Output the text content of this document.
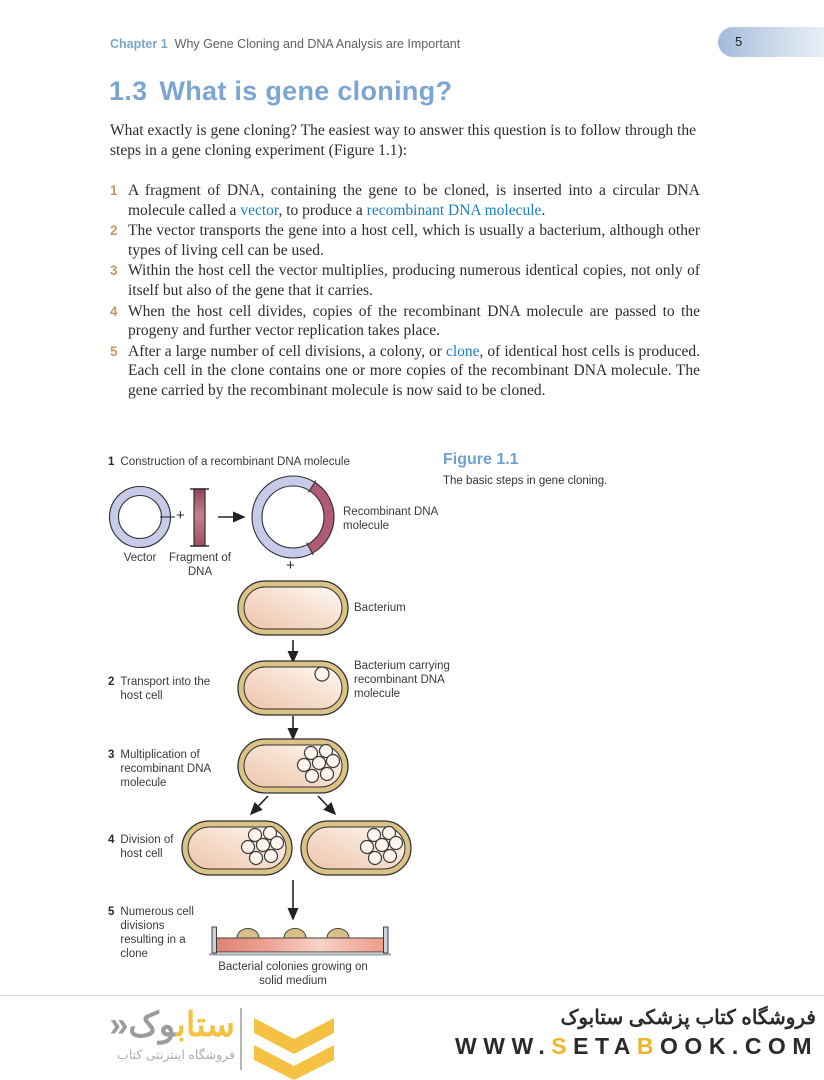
Chapter 1 Why Gene Cloning and DNA Analysis are Important	5
1.3 What is gene cloning?

What exactly is gene cloning? The easiest way to answer this question is to follow through the steps in a gene cloning experiment (Figure 1.1):

1 A fragment of DNA, containing the gene to be cloned, is inserted into a circular DNA molecule called a vector, to produce a recombinant DNA molecule.
2 The vector transports the gene into a host cell, which is usually a bacterium, although other types of living cell can be used.
3 Within the host cell the vector multiplies, producing numerous identical copies, not only of itself but also of the gene that it carries.
4 When the host cell divides, copies of the recombinant DNA molecule are passed to the progeny and further vector replication takes place.
5 After a large number of cell divisions, a colony, or clone, of identical host cells is produced. Each cell in the clone contains one or more copies of the recombinant DNA molecule. The gene carried by the recombinant molecule is now said to be cloned.
1 Construction of a recombinant DNA molecule
+
Vector	Fragment of DNA
Recombinant DNA molecule
+
Bacterium
2 Transport into the host cell
Bacterium carrying recombinant DNA molecule
3 Multiplication of recombinant DNA molecule
4 Division of host cell
5 Numerous cell divisions resulting in a clone
Bacterial colonies growing on solid medium
Figure 1.1
The basic steps in gene cloning.
ستابوک«
فروشگاه اینترنتی کتاب
فروشگاه کتاب پزشکی ستابوک
WWW.SETABOOK.COM
